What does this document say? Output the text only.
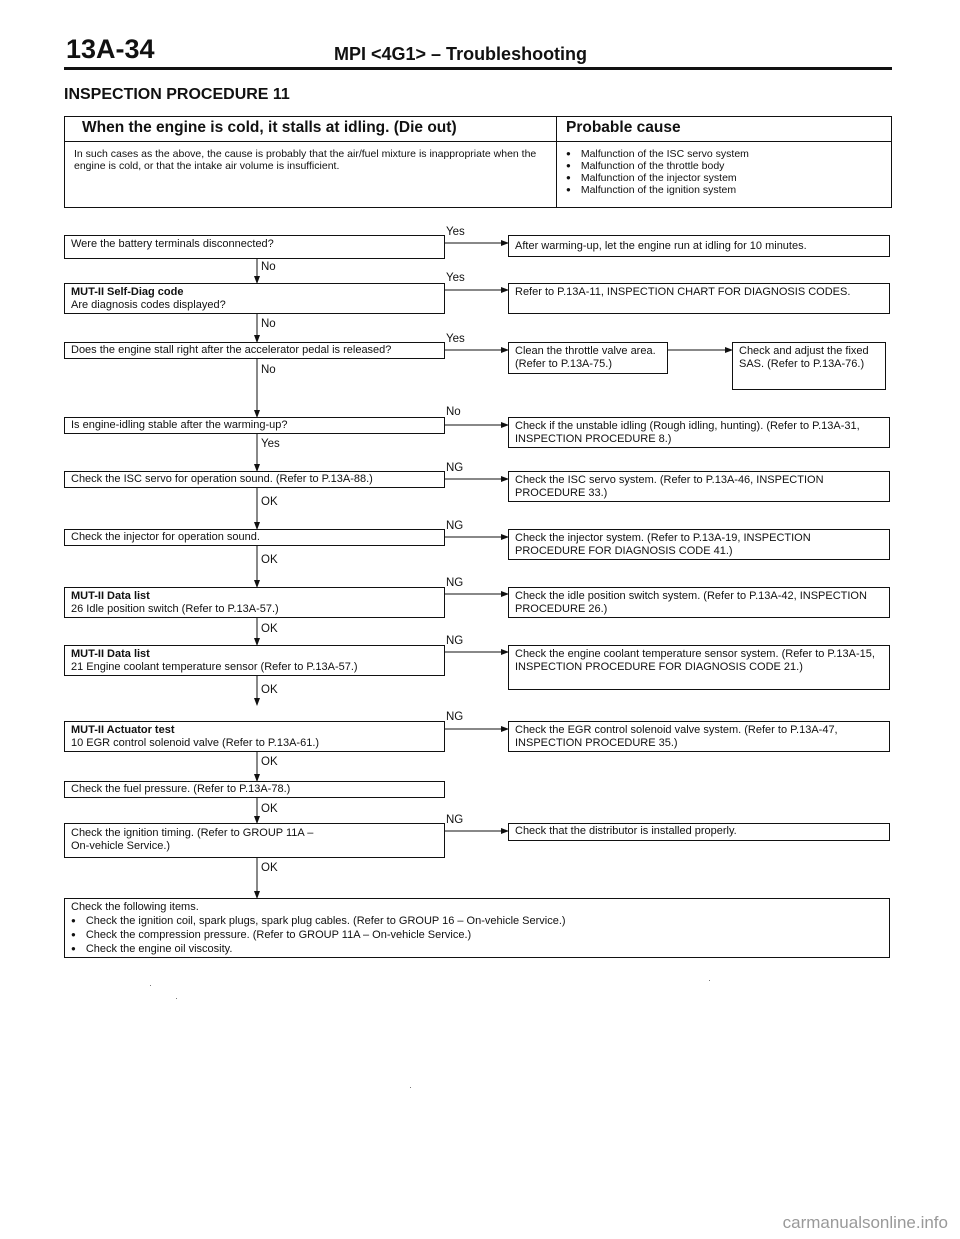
13A-34	MPI <4G1> – Troubleshooting
INSPECTION PROCEDURE 11
When the engine is cold, it stalls at idling. (Die out)
In such cases as the above, the cause is probably that the air/fuel mixture is inappropriate when the engine is cold, or that the intake air volume is insufficient.
Probable cause
● Malfunction of the ISC servo system
● Malfunction of the throttle body
● Malfunction of the injector system
● Malfunction of the ignition system
Were the battery terminals disconnected?
MUT-II Self-Diag code
Are diagnosis codes displayed?
Does the engine stall right after the accelerator pedal is released?
Is engine-idling stable after the warming-up?
Check the ISC servo for operation sound. (Refer to P.13A-88.)
Check the injector for operation sound.
MUT-II Data list
26 Idle position switch (Refer to P.13A-57.)
MUT-II Data list
21 Engine coolant temperature sensor (Refer to P.13A-57.)
MUT-II Actuator test
10 EGR control solenoid valve (Refer to P.13A-61.)
Check the fuel pressure. (Refer to P.13A-78.)
Check the ignition timing. (Refer to GROUP 11A – On-vehicle Service.)
After warming-up, let the engine run at idling for 10 minutes.
Refer to P.13A-11, INSPECTION CHART FOR DIAGNOSIS CODES.
Clean the throttle valve area. (Refer to P.13A-75.)
Check and adjust the fixed SAS. (Refer to P.13A-76.)
Check if the unstable idling (Rough idling, hunting). (Refer to P.13A-31, INSPECTION PROCEDURE 8.)
Check the ISC servo system. (Refer to P.13A-46, INSPECTION PROCEDURE 33.)
Check the injector system. (Refer to P.13A-19, INSPECTION PROCEDURE FOR DIAGNOSIS CODE 41.)
Check the idle position switch system. (Refer to P.13A-42, INSPECTION PROCEDURE 26.)
Check the engine coolant temperature sensor system. (Refer to P.13A-15, INSPECTION PROCEDURE FOR DIAGNOSIS CODE 21.)
Check the EGR control solenoid valve system. (Refer to P.13A-47, INSPECTION PROCEDURE 35.)
Check that the distributor is installed properly.
Check the following items.
● Check the ignition coil, spark plugs, spark plug cables. (Refer to GROUP 16 – On-vehicle Service.)
● Check the compression pressure. (Refer to GROUP 11A – On-vehicle Service.)
● Check the engine oil viscosity.
Yes
Yes
Yes
No
NG
NG
NG
NG
NG
NG
No
No
No
Yes
OK
OK
OK
OK
OK
OK
OK
carmanualsonline.info
